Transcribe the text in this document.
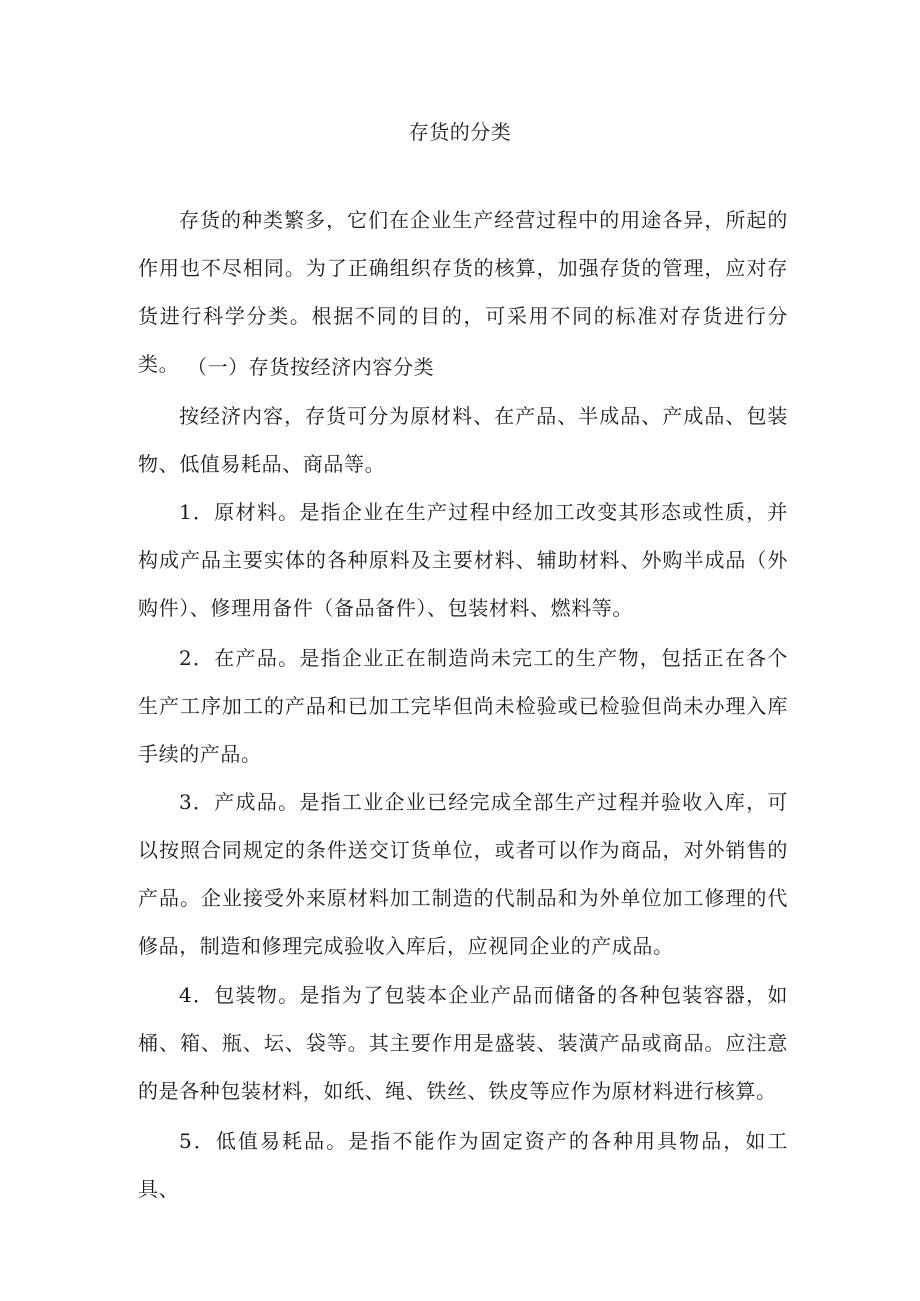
存货的分类

存货的种类繁多，它们在企业生产经营过程中的用途各异，所起的作用也不尽相同。为了正确组织存货的核算，加强存货的管理，应对存货进行科学分类。根据不同的目的，可采用不同的标准对存货进行分类。 （一）存货按经济内容分类

按经济内容，存货可分为原材料、在产品、半成品、产成品、包装物、低值易耗品、商品等。

1．原材料。是指企业在生产过程中经加工改变其形态或性质，并构成产品主要实体的各种原料及主要材料、辅助材料、外购半成品（外购件）、修理用备件（备品备件）、包装材料、燃料等。

2．在产品。是指企业正在制造尚未完工的生产物，包括正在各个生产工序加工的产品和已加工完毕但尚未检验或已检验但尚未办理入库手续的产品。

3．产成品。是指工业企业已经完成全部生产过程并验收入库，可以按照合同规定的条件送交订货单位，或者可以作为商品，对外销售的产品。企业接受外来原材料加工制造的代制品和为外单位加工修理的代修品，制造和修理完成验收入库后，应视同企业的产成品。

4．包装物。是指为了包装本企业产品而储备的各种包装容器，如桶、箱、瓶、坛、袋等。其主要作用是盛装、装潢产品或商品。应注意的是各种包装材料，如纸、绳、铁丝、铁皮等应作为原材料进行核算。

5．低值易耗品。是指不能作为固定资产的各种用具物品，如工具、
